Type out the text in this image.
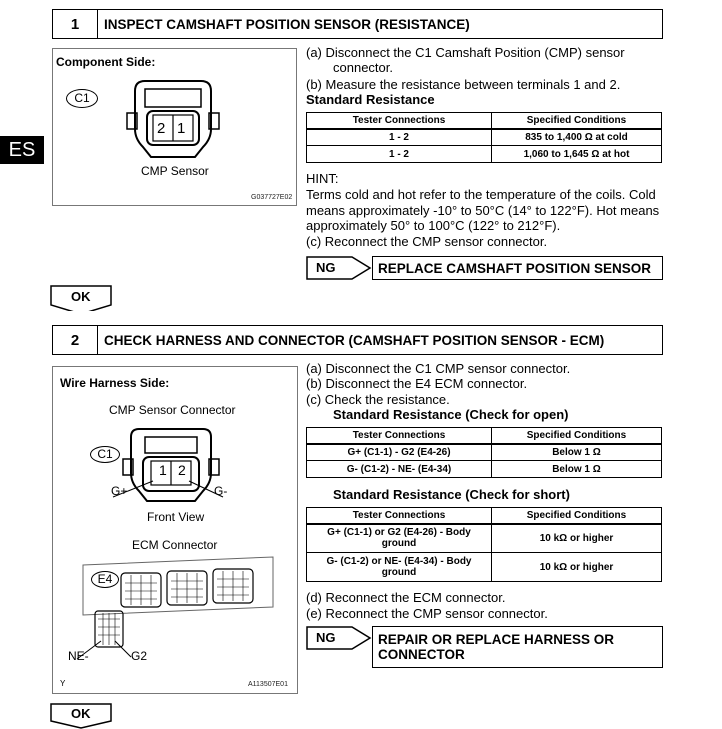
ES
1	INSPECT CAMSHAFT POSITION SENSOR (RESISTANCE)
Component Side:
C1
2 1
CMP Sensor
G037727E02
(a) Disconnect the C1 Camshaft Position (CMP) sensor
connector.
(b) Measure the resistance between terminals 1 and 2.
Standard Resistance
Tester Connections	Specified Conditions
1 - 2	835 to 1,400 Ω at cold
1 - 2	1,060 to 1,645 Ω at hot
HINT:
Terms cold and hot refer to the temperature of the coils. Cold
means approximately -10° to 50°C (14° to 122°F). Hot means
approximately 50° to 100°C (122° to 212°F).
(c) Reconnect the CMP sensor connector.
NG	REPLACE CAMSHAFT POSITION SENSOR
OK
2	CHECK HARNESS AND CONNECTOR (CAMSHAFT POSITION SENSOR - ECM)
Wire Harness Side:
CMP Sensor Connector
C1
1 2
G+	G-
Front View
ECM Connector
E4
NE-	G2
Y	A113507E01
(a) Disconnect the C1 CMP sensor connector.
(b) Disconnect the E4 ECM connector.
(c) Check the resistance.
Standard Resistance (Check for open)
Tester Connections	Specified Conditions
G+ (C1-1) - G2 (E4-26)	Below 1 Ω
G- (C1-2) - NE- (E4-34)	Below 1 Ω
Standard Resistance (Check for short)
Tester Connections	Specified Conditions

G+ (C1-1) or G2 (E4-26) - Body
ground	10 kΩ or higher

G- (C1-2) or NE- (E4-34) - Body
ground	10 kΩ or higher
(d) Reconnect the ECM connector.
(e) Reconnect the CMP sensor connector.
NG	REPAIR OR REPLACE HARNESS OR
CONNECTOR
OK
